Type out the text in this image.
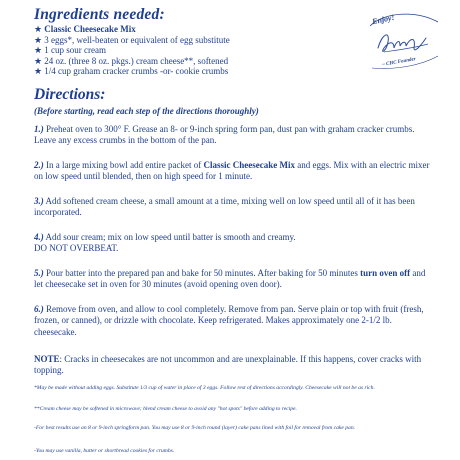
Ingredients needed:
★ Classic Cheesecake Mix
★ 3 eggs*, well-beaten or equivalent of egg substitute
★ 1 cup sour cream
★ 24 oz. (three 8 oz. pkgs.) cream cheese**, softened
★ 1/4 cup graham cracker crumbs -or- cookie crumbs
Enjoy!
~ CHC Founder
Directions:
(Before starting, read each step of the directions thoroughly)
1.) Preheat oven to 300° F. Grease an 8- or 9-inch spring form pan, dust pan with graham cracker crumbs. Leave any excess crumbs in the bottom of the pan.
2.) In a large mixing bowl add entire packet of Classic Cheesecake Mix and eggs. Mix with an electric mixer on low speed until blended, then on high speed for 1 minute.
3.) Add softened cream cheese, a small amount at a time, mixing well on low speed until all of it has been incorporated.
4.) Add sour cream; mix on low speed until batter is smooth and creamy.
DO NOT OVERBEAT.
5.) Pour batter into the prepared pan and bake for 50 minutes. After baking for 50 minutes turn oven off and let cheesecake set in oven for 30 minutes (avoid opening oven door).
6.) Remove from oven, and allow to cool completely. Remove from pan. Serve plain or top with fruit (fresh, frozen, or canned), or drizzle with chocolate. Keep refrigerated. Makes approximately one 2-1/2 lb. cheesecake.
NOTE: Cracks in cheesecakes are not uncommon and are unexplainable. If this happens, cover cracks with topping.
*May be made without adding eggs. Substitute 1/3 cup of water in place of 3 eggs. Follow rest of directions accordingly. Cheesecake will not be as rich.
**Cream cheese may be softened in microwave; blend cream cheese to avoid any "hot spots" before adding to recipe.
-For best results use an 8 or 9-inch springform pan. You may use 8 or 9-inch round (layer) cake pans lined with foil for removal from cake pan.
-You may use vanilla, butter or shortbread cookies for crumbs.
